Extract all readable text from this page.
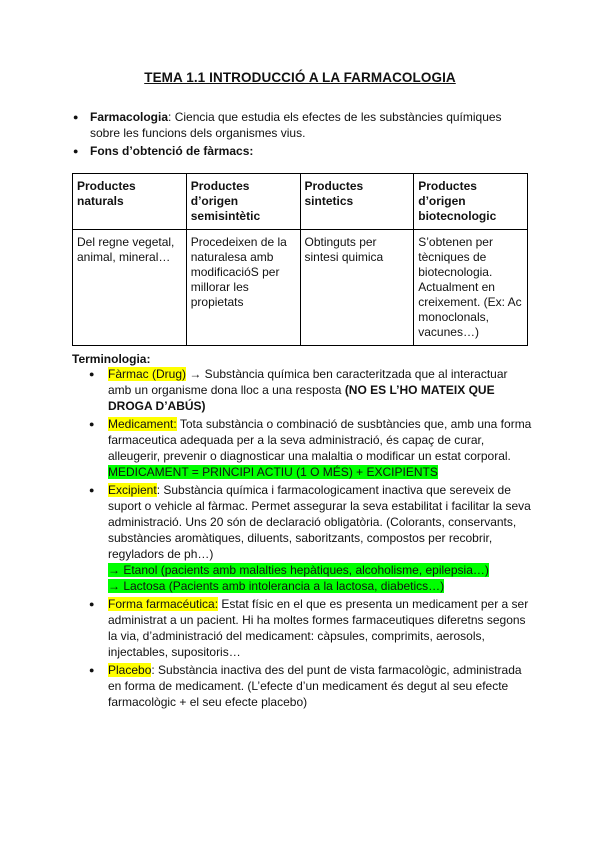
TEMA 1.1 INTRODUCCIÓ A LA FARMACOLOGIA
● Farmacologia: Ciencia que estudia els efectes de les substàncies químiques sobre les funcions dels organismes vius.
● Fons d’obtenció de fàrmacs:
Productes naturals	Productes d’origen semisintètic	Productes sintetics	Productes d’origen biotecnologic
Del regne vegetal, animal, mineral…	Procedeixen de la naturalesa amb modificacióS per millorar les propietats	Obtinguts per sintesi quimica	S’obtenen per tècniques de biotecnologia. Actualment en creixement. (Ex: Ac monoclonals, vacunes…)
Terminologia:
● Fàrmac (Drug) → Substància química ben caracteritzada que al interactuar amb un organisme dona lloc a una resposta (NO ES L’HO MATEIX QUE DROGA D’ABÚS)
● Medicament: Tota substància o combinació de susbtàncies que, amb una forma farmaceutica adequada per a la seva administració, és capaç de curar, alleugerir, prevenir o diagnosticar una malaltia o modificar un estat corporal.
MEDICAMENT = PRINCIPI ACTIU (1 O MÉS) + EXCIPIENTS
● Excipient: Substància química i farmacologicament inactiva que sereveix de suport o vehicle al fàrmac. Permet assegurar la seva estabilitat i facilitar la seva administració. Uns 20 són de declaració obligatòria. (Colorants, conservants, substàncies aromàtiques, diluents, saboritzants, compostos per recobrir, regyladors de ph…)
→ Etanol (pacients amb malalties hepàtiques, alcoholisme, epilepsia…)
→ Lactosa (Pacients amb intolerancia a la lactosa, diabetics…)
● Forma farmacéutica: Estat físic en el que es presenta un medicament per a ser administrat a un pacient. Hi ha moltes formes farmaceutiques diferetns segons la via, d’administració del medicament: càpsules, comprimits, aerosols, injectables, supositoris…
● Placebo: Substància inactiva des del punt de vista farmacològic, administrada en forma de medicament. (L’efecte d’un medicament és degut al seu efecte farmacològic + el seu efecte placebo)
